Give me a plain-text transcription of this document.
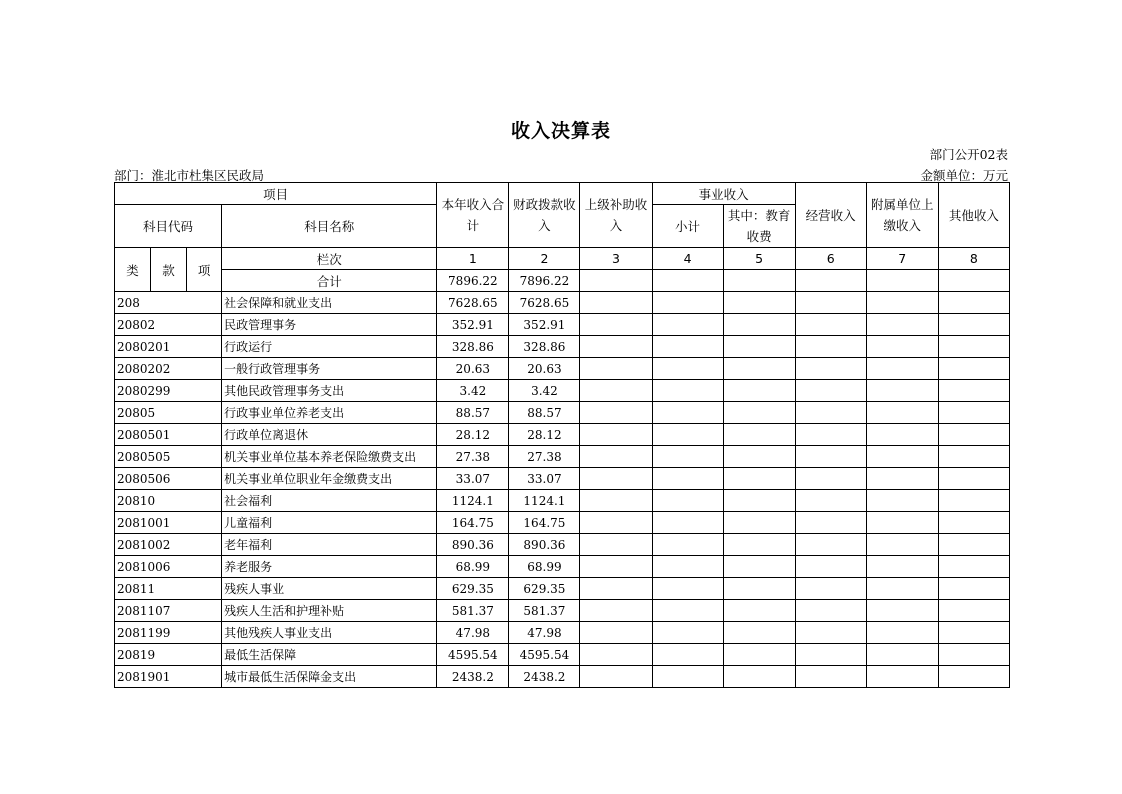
收入决算表
部门公开02表
部门：淮北市杜集区民政局	金额单位：万元
项目				本年收入合计	财政拨款收入	上级补助收入	事业收入		经营收入	附属单位上缴收入	其他收入
科目代码			科目名称				小计	其中：教育收费			

类	款	项	栏次	1	2	3	4	5	6	7	8
			合计	7896.22	7896.22						
208			社会保障和就业支出	7628.65	7628.65						
20802			民政管理事务	352.91	352.91						
2080201			行政运行	328.86	328.86						
2080202			一般行政管理事务	20.63	20.63						
2080299			其他民政管理事务支出	3.42	3.42						
20805			行政事业单位养老支出	88.57	88.57						
2080501			行政单位离退休	28.12	28.12						
2080505			机关事业单位基本养老保险缴费支出	27.38	27.38						
2080506			机关事业单位职业年金缴费支出	33.07	33.07						
20810			社会福利	1124.1	1124.1						
2081001			儿童福利	164.75	164.75						
2081002			老年福利	890.36	890.36						
2081006			养老服务	68.99	68.99						
20811			残疾人事业	629.35	629.35						
2081107			残疾人生活和护理补贴	581.37	581.37						
2081199			其他残疾人事业支出	47.98	47.98						
20819			最低生活保障	4595.54	4595.54						
2081901			城市最低生活保障金支出	2438.2	2438.2						
